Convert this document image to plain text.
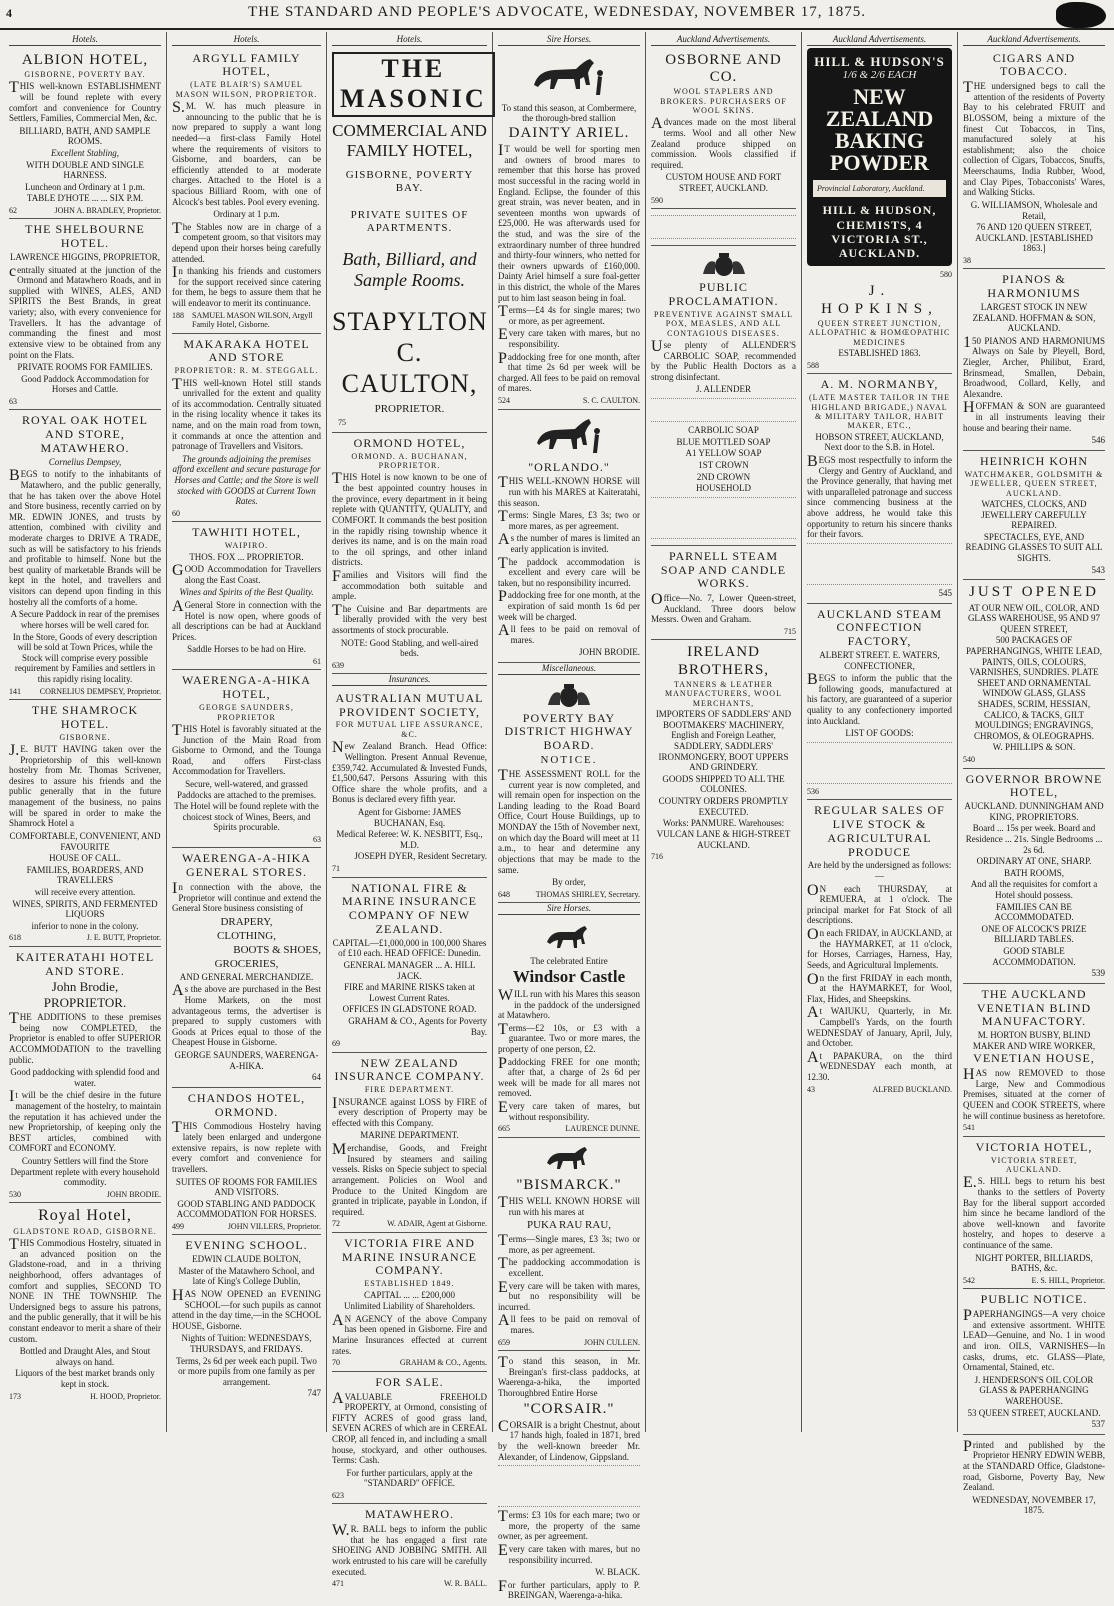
4	THE STANDARD AND PEOPLE'S ADVOCATE, WEDNESDAY, NOVEMBER 17, 1875.
Hotels.
ALBION HOTEL,
GISBORNE, POVERTY BAY.
THIS well-known ESTABLISHMENT will be found replete with every comfort and convenience for Country Settlers, Families, Commercial Men, &c.
BILLIARD, BATH, AND SAMPLE ROOMS.
Excellent Stabling,
WITH DOUBLE AND SINGLE HARNESS.
Luncheon and Ordinary at 1 p.m.
TABLE D'HOTE ... ... SIX P.M.
62	JOHN A. BRADLEY, Proprietor.
THE SHELBOURNE HOTEL.
LAWRENCE HIGGINS, PROPRIETOR,
centrally situated at the junction of the Ormond and Matawhero Roads, and in supplied with WINES, ALES, AND SPIRITS the Best Brands, in great variety; also, with every convenience for Travellers. It has the advantage of commanding the finest and most extensive view to be obtained from any point on the Flats.
PRIVATE ROOMS FOR FAMILIES.
Good Paddock Accommodation for Horses and Cattle.
63
ROYAL OAK HOTEL AND STORE, MATAWHERO.
Cornelius Dempsey,
BEGS to notify to the inhabitants of Matawhero, and the public generally, that he has taken over the above Hotel and Store business, recently carried on by MR. EDWIN JONES, and trusts by attention, combined with civility and moderate charges to DRIVE A TRADE, such as will be satisfactory to his friends and profitable to himself. None but the best quality of marketable Brands will be kept in the hotel, and travellers and visitors can depend upon finding in this hostelry all the comforts of a home.
A Secure Paddock in rear of the premises where horses will be well cared for.
In the Store, Goods of every description will be sold at Town Prices, while the Stock will comprise every possible requirement by Families and settlers in this rapidly rising locality.
141	CORNELIUS DEMPSEY, Proprietor.
THE SHAMROCK HOTEL.
GISBORNE.
J.E. BUTT HAVING taken over the Proprietorship of this well-known hostelry from Mr. Thomas Scrivener, desires to assure his friends and the public generally that in the future management of the business, no pains will be spared in order to make the Shamrock Hotel a
COMFORTABLE, CONVENIENT, AND FAVOURITE
HOUSE OF CALL.
FAMILIES, BOARDERS, AND TRAVELLERS
will receive every attention.
WINES, SPIRITS, AND FERMENTED LIQUORS
inferior to none in the colony.
618	J. E. BUTT, Proprietor.
KAITERATAHI HOTEL AND STORE.
John Brodie, PROPRIETOR.
THE ADDITIONS to these premises being now COMPLETED, the Proprietor is enabled to offer SUPERIOR ACCOMMODATION to the travelling public.
Good paddocking with splendid food and water.
It will be the chief desire in the future management of the hostelry, to maintain the reputation it has achieved under the new Proprietorship, of keeping only the BEST articles, combined with COMFORT and ECONOMY.
Country Settlers will find the Store Department replete with every household commodity.
530	JOHN BRODIE.
Royal Hotel,
GLADSTONE ROAD, GISBORNE.
THIS Commodious Hostelry, situated in an advanced position on the Gladstone-road, and in a thriving neighborhood, offers advantages of comfort and supplies, SECOND TO NONE IN THE TOWNSHIP. The Undersigned begs to assure his patrons, and the public generally, that it will be his constant endeavor to merit a share of their custom.
Bottled and Draught Ales, and Stout always on hand.
Liquors of the best market brands only kept in stock.
173	H. HOOD, Proprietor.
Hotels.
ARGYLL FAMILY HOTEL,
(LATE BLAIR'S) SAMUEL MASON WILSON, PROPRIETOR.
S.M. W. has much pleasure in announcing to the public that he is now prepared to supply a want long needed—a first-class Family Hotel where the requirements of visitors to Gisborne, and boarders, can be efficiently attended to at moderate charges. Attached to the Hotel is a spacious Billiard Room, with one of Alcock's best tables. Pool every evening.
Ordinary at 1 p.m.
The Stables now are in charge of a competent groom, so that visitors may depend upon their horses being carefully attended.
In thanking his friends and customers for the support received since catering for them, he begs to assure them that he will endeavor to merit its continuance.
188	SAMUEL MASON WILSON, Argyll Family Hotel, Gisborne.
MAKARAKA HOTEL AND STORE
PROPRIETOR: R. M. STEGGALL.
THIS well-known Hotel still stands unrivalled for the extent and quality of its accommodation. Centrally situated in the rising locality whence it takes its name, and on the main road from town, it commands at once the attention and patronage of Travellers and Visitors.
The grounds adjoining the premises afford excellent and secure pasturage for Horses and Cattle; and the Store is well stocked with GOODS at Current Town Rates.
60
TAWHITI HOTEL,
WAIPIRO.
THOS. FOX ... PROPRIETOR.
GOOD Accommodation for Travellers along the East Coast.
Wines and Spirits of the Best Quality.
AGeneral Store in connection with the Hotel is now open, where goods of all descriptions can be had at Auckland Prices.
Saddle Horses to be had on Hire.
61
WAERENGA-A-HIKA HOTEL,
GEORGE SAUNDERS, PROPRIETOR
THIS Hotel is favorably situated at the Junction of the Main Road from Gisborne to Ormond, and the Tounga Road, and offers First-class Accommodation for Travellers.
Secure, well-watered, and grassed Paddocks are attached to the premises.
The Hotel will be found replete with the choicest stock of Wines, Beers, and Spirits procurable.
63
WAERENGA-A-HIKA GENERAL STORES.
In connection with the above, the Proprietor will continue and extend the General Store business consisting of
DRAPERY,
CLOTHING,
BOOTS & SHOES,
GROCERIES,
AND GENERAL MERCHANDIZE.
As the above are purchased in the Best Home Markets, on the most advantageous terms, the advertiser is prepared to supply customers with Goods at Prices equal to those of the Cheapest House in Gisborne.
GEORGE SAUNDERS, WAERENGA-A-HIKA.
64
CHANDOS HOTEL, ORMOND.
THIS Commodious Hostelry having lately been enlarged and undergone extensive repairs, is now replete with every comfort and convenience for travellers.
SUITES OF ROOMS FOR FAMILIES AND VISITORS.
GOOD STABLING AND PADDOCK ACCOMMODATION FOR HORSES.
499	JOHN VILLERS, Proprietor.
EVENING SCHOOL.
EDWIN CLAUDE BOLTON,
Master of the Matawhero School, and late of King's College Dublin,
HAS NOW OPENED an EVENING SCHOOL—for such pupils as cannot attend in the day time,—in the SCHOOL HOUSE, Gisborne.
Nights of Tuition: WEDNESDAYS, THURSDAYS, and FRIDAYS.
Terms, 2s 6d per week each pupil. Two or more pupils from one family as per arrangement.
747
Hotels.
THE MASONIC
COMMERCIAL AND FAMILY HOTEL,
GISBORNE, POVERTY BAY.
PRIVATE SUITES OF APARTMENTS.
Bath, Billiard, and Sample Rooms.
STAPYLTON C. CAULTON,
PROPRIETOR.
75
ORMOND HOTEL,
ORMOND. A. BUCHANAN, PROPRIETOR.
THIS Hotel is now known to be one of the best appointed country houses in the province, every department in it being replete with QUANTITY, QUALITY, and COMFORT. It commands the best position in the rapidly rising township whence it derives its name, and is on the main road to the oil springs, and other inland districts.
Families and Visitors will find the accommodation both suitable and ample.
The Cuisine and Bar departments are liberally provided with the very best assortments of stock procurable.
NOTE: Good Stabling, and well-aired beds.
639
Insurances.
AUSTRALIAN MUTUAL PROVIDENT SOCIETY,
FOR MUTUAL LIFE ASSURANCE, &C.
New Zealand Branch. Head Office: Wellington. Present Annual Revenue, £359,742. Accumulated & Invested Funds, £1,500,647. Persons Assuring with this Office share the whole profits, and a Bonus is declared every fifth year.
Agent for Gisborne: JAMES BUCHANAN, Esq.
Medical Referee: W. K. NESBITT, Esq., M.D.
JOSEPH DYER, Resident Secretary.
71
NATIONAL FIRE & MARINE INSURANCE COMPANY OF NEW ZEALAND.
CAPITAL—£1,000,000 in 100,000 Shares of £10 each. HEAD OFFICE: Dunedin.
GENERAL MANAGER ... A. HILL JACK.
FIRE and MARINE RISKS taken at Lowest Current Rates.
OFFICES IN GLADSTONE ROAD.
GRAHAM & CO., Agents for Poverty Bay.
69
NEW ZEALAND INSURANCE COMPANY.
FIRE DEPARTMENT.
INSURANCE against LOSS by FIRE of every description of Property may be effected with this Company.
MARINE DEPARTMENT.
Merchandise, Goods, and Freight Insured by steamers and sailing vessels. Risks on Specie subject to special arrangement. Policies on Wool and Produce to the United Kingdom are granted in triplicate, payable in London, if required.
72	W. ADAIR, Agent at Gisborne.
VICTORIA FIRE AND MARINE INSURANCE COMPANY.
ESTABLISHED 1849.
CAPITAL ... ... £200,000
Unlimited Liability of Shareholders.
AN AGENCY of the above Company has been opened in Gisborne. Fire and Marine Insurances effected at current rates.
70	GRAHAM & CO., Agents.
FOR SALE.
AVALUABLE FREEHOLD PROPERTY, at Ormond, consisting of FIFTY ACRES of good grass land, SEVEN ACRES of which are in CEREAL CROP, all fenced in, and including a small house, stockyard, and other outhouses. Terms: Cash.
For further particulars, apply at the "STANDARD" OFFICE.
623
MATAWHERO.
W.R. BALL begs to inform the public that he has engaged a first rate SHOEING AND JOBBING SMITH. All work entrusted to his care will be carefully executed.
471	W. R. BALL.
Sire Horses.
To stand this season, at Combermere, the thorough-bred stallion
DAINTY ARIEL.
IT would be well for sporting men and owners of brood mares to remember that this horse has proved most successful in the racing world in England. Eclipse, the founder of this great strain, was never beaten, and in seventeen months won upwards of £25,000. He was afterwards used for the stud, and was the sire of the extraordinary number of three hundred and thirty-four winners, who netted for their owners upwards of £160,000. Dainty Ariel himself a sure foal-getter in this district, the whole of the Mares put to him last season being in foal.
Terms—£4 4s for single mares; two or more, as per agreement.
Every care taken with mares, but no responsibility.
Paddocking free for one month, after that time 2s 6d per week will be charged. All fees to be paid on removal of mares.
524	S. C. CAULTON.
"ORLANDO."
THIS WELL-KNOWN HORSE will run with his MARES at Kaiteratahi, this season.
Terms: Single Mares, £3 3s; two or more mares, as per agreement.
As the number of mares is limited an early application is invited.
The paddock accommodation is excellent and every care will be taken, but no responsibility incurred.
Paddocking free for one month, at the expiration of said month 1s 6d per week will be charged.
All fees to be paid on removal of mares.
JOHN BRODIE.
Miscellaneous.
POVERTY BAY DISTRICT HIGHWAY BOARD.
NOTICE.
THE ASSESSMENT ROLL for the current year is now completed, and will remain open for inspection on the Landing leading to the Road Board Office, Court House Buildings, up to MONDAY the 15th of November next, on which day the Board will meet at 11 a.m., to hear and determine any objections that may be made to the same.
By order,
648	THOMAS SHIRLEY, Secretary.
Sire Horses.
The celebrated Entire
Windsor Castle
WILL run with his Mares this season in the paddock of the undersigned at Matawhero.
Terms—£2 10s, or £3 with a guarantee. Two or more mares, the property of one person, £2.
Paddocking FREE for one month; after that, a charge of 2s 6d per week will be made for all mares not removed.
Every care taken of mares, but without responsibility.
665	LAURENCE DUNNE.
"BISMARCK."
THIS WELL KNOWN HORSE will run with his mares at
PUKA RAU RAU,
Terms—Single mares, £3 3s; two or more, as per agreement.
The paddocking accommodation is excellent.
Every care will be taken with mares, but no responsibility will be incurred.
All fees to be paid on removal of mares.
659	JOHN CULLEN.
To stand this season, in Mr. Breingan's first-class paddocks, at Waerenga-a-hika, the imported Thoroughbred Entire Horse
"CORSAIR."
CORSAIR is a bright Chestnut, about 17 hands high, foaled in 1871, bred by the well-known breeder Mr. Alexander, of Lindenow, Gippsland.
Terms: £3 10s for each mare; two or more, the property of the same owner, as per agreement.
Every care taken with mares, but no responsibility incurred.
W. BLACK.
For further particulars, apply to P. BREINGAN, Waerenga-a-hika.
Auckland Advertisements.
OSBORNE AND CO.
WOOL STAPLERS AND BROKERS. PURCHASERS OF WOOL SKINS.
Advances made on the most liberal terms. Wool and all other New Zealand produce shipped on commission. Wools classified if required.
CUSTOM HOUSE AND FORT STREET, AUCKLAND.
590
PUBLIC PROCLAMATION.
PREVENTIVE AGAINST SMALL POX, MEASLES, AND ALL CONTAGIOUS DISEASES.
Use plenty of ALLENDER'S CARBOLIC SOAP, recommended by the Public Health Doctors as a strong disinfectant.
J. ALLENDER
CARBOLIC SOAP
BLUE MOTTLED SOAP
A1 YELLOW SOAP
1ST CROWN
2ND CROWN
HOUSEHOLD
PARNELL STEAM SOAP AND CANDLE WORKS.
Office—No. 7, Lower Queen-street, Auckland. Three doors below Messrs. Owen and Graham.
715
IRELAND BROTHERS,
TANNERS & LEATHER MANUFACTURERS, WOOL MERCHANTS,
IMPORTERS OF SADDLERS' AND BOOTMAKERS' MACHINERY, English and Foreign Leather, SADDLERY, SADDLERS' IRONMONGERY, BOOT UPPERS AND GRINDERY.
GOODS SHIPPED TO ALL THE COLONIES.
COUNTRY ORDERS PROMPTLY EXECUTED.
Works: PANMURE. Warehouses: VULCAN LANE & HIGH-STREET AUCKLAND.
716
Auckland Advertisements.
HILL & HUDSON'S
1/6 & 2/6 EACH
NEW ZEALAND BAKING POWDER
Provincial Laboratory, Auckland.
HILL & HUDSON, CHEMISTS, 4 VICTORIA ST., AUCKLAND.
580
J. HOPKINS,
QUEEN STREET JUNCTION, ALLOPATHIC & HOMŒOPATHIC MEDICINES
ESTABLISHED 1863.
588
A. M. NORMANBY,
(LATE MASTER TAILOR IN THE HIGHLAND BRIGADE,) NAVAL & MILITARY TAILOR, HABIT MAKER, ETC.,
HOBSON STREET, AUCKLAND, Next door to the S.B. in Hotel.
BEGS most respectfully to inform the Clergy and Gentry of Auckland, and the Province generally, that having met with unparalleled patronage and success since commencing business at the above address, he would take this opportunity to return his sincere thanks for their favors.
545
AUCKLAND STEAM CONFECTION FACTORY,
ALBERT STREET. E. WATERS, CONFECTIONER,
BEGS to inform the public that the following goods, manufactured at his factory, are guaranteed of a superior quality to any confectionery imported into Auckland.
LIST OF GOODS:
536
REGULAR SALES OF LIVE STOCK & AGRICULTURAL PRODUCE
Are held by the undersigned as follows:—
ON each THURSDAY, at REMUERA, at 1 o'clock. The principal market for Fat Stock of all descriptions.
On each FRIDAY, in AUCKLAND, at the HAYMARKET, at 11 o'clock, for Horses, Carriages, Harness, Hay, Seeds, and Agricultural Implements.
On the first FRIDAY in each month, at the HAYMARKET, for Wool, Flax, Hides, and Sheepskins.
At WAIUKU, Quarterly, in Mr. Campbell's Yards, on the fourth WEDNESDAY of January, April, July, and October.
At PAPAKURA, on the third WEDNESDAY each month, at 12.30.
43	ALFRED BUCKLAND.
Auckland Advertisements.
CIGARS AND TOBACCO.
THE undersigned begs to call the attention of the residents of Poverty Bay to his celebrated FRUIT and BLOSSOM, being a mixture of the finest Cut Tobaccos, in Tins, manufactured solely at his establishment; also the choice collection of Cigars, Tobaccos, Snuffs, Meerschaums, India Rubber, Wood, and Clay Pipes, Tobacconists' Wares, and Walking Sticks.
G. WILLIAMSON, Wholesale and Retail,
76 AND 120 QUEEN STREET, AUCKLAND. [ESTABLISHED 1863.]
38
PIANOS & HARMONIUMS
LARGEST STOCK IN NEW ZEALAND. HOFFMAN & SON, AUCKLAND.
150 PIANOS AND HARMONIUMS Always on Sale by Pleyell, Bord, Ziegler, Archer, Philibut, Erard, Brinsmead, Smallen, Debain, Broadwood, Collard, Kelly, and Alexandre.
HOFFMAN & SON are guaranteed in all instruments leaving their house and bearing their name.
546
HEINRICH KOHN
WATCHMAKER, GOLDSMITH & JEWELLER, QUEEN STREET, AUCKLAND.
WATCHES, CLOCKS, AND JEWELLERY CAREFULLY REPAIRED.
SPECTACLES, EYE, AND READING GLASSES TO SUIT ALL SIGHTS.
543
JUST OPENED
AT OUR NEW OIL, COLOR, AND GLASS WAREHOUSE, 95 AND 97 QUEEN STREET,
500 PACKAGES OF PAPERHANGINGS, WHITE LEAD, PAINTS, OILS, COLOURS, VARNISHES, SUNDRIES. PLATE SHEET AND ORNAMENTAL WINDOW GLASS, GLASS SHADES, SCRIM, HESSIAN, CALICO, & TACKS, GILT MOULDINGS; ENGRAVINGS, CHROMOS, & OLEOGRAPHS.
W. PHILLIPS & SON.
540
GOVERNOR BROWNE HOTEL,
AUCKLAND. DUNNINGHAM AND KING, PROPRIETORS.
Board ... 15s per week. Board and Residence ... 21s. Single Bedrooms ... 2s 6d.
ORDINARY AT ONE, SHARP.
BATH ROOMS,
And all the requisites for comfort a Hotel should possess.
FAMILIES CAN BE ACCOMMODATED.
ONE OF ALCOCK'S PRIZE BILLIARD TABLES.
GOOD STABLE ACCOMMODATION.
539
THE AUCKLAND VENETIAN BLIND MANUFACTORY.
M. HORTON BUSBY, BLIND MAKER AND WIRE WORKER,
VENETIAN HOUSE,
HAS now REMOVED to those Large, New and Commodious Premises, situated at the corner of QUEEN and COOK STREETS, where he will continue business as heretofore.
541
VICTORIA HOTEL,
VICTORIA STREET, AUCKLAND.
E.S. HILL begs to return his best thanks to the settlers of Poverty Bay for the liberal support accorded him since he became landlord of the above well-known and favorite hostelry, and hopes to deserve a continuance of the same.
NIGHT PORTER, BILLIARDS, BATHS, &c.
542	E. S. HILL, Proprietor.
PUBLIC NOTICE.
PAPERHANGINGS—A very choice and extensive assortment. WHITE LEAD—Genuine, and No. 1 in wood and iron. OILS, VARNISHES—In casks, drums, etc. GLASS—Plate, Ornamental, Stained, etc.
J. HENDERSON'S OIL COLOR GLASS & PAPERHANGING WAREHOUSE.
53 QUEEN STREET, AUCKLAND.
537
Printed and published by the Proprietor HENRY EDWIN WEBB, at the STANDARD Office, Gladstone-road, Gisborne, Poverty Bay, New Zealand.
WEDNESDAY, NOVEMBER 17, 1875.
